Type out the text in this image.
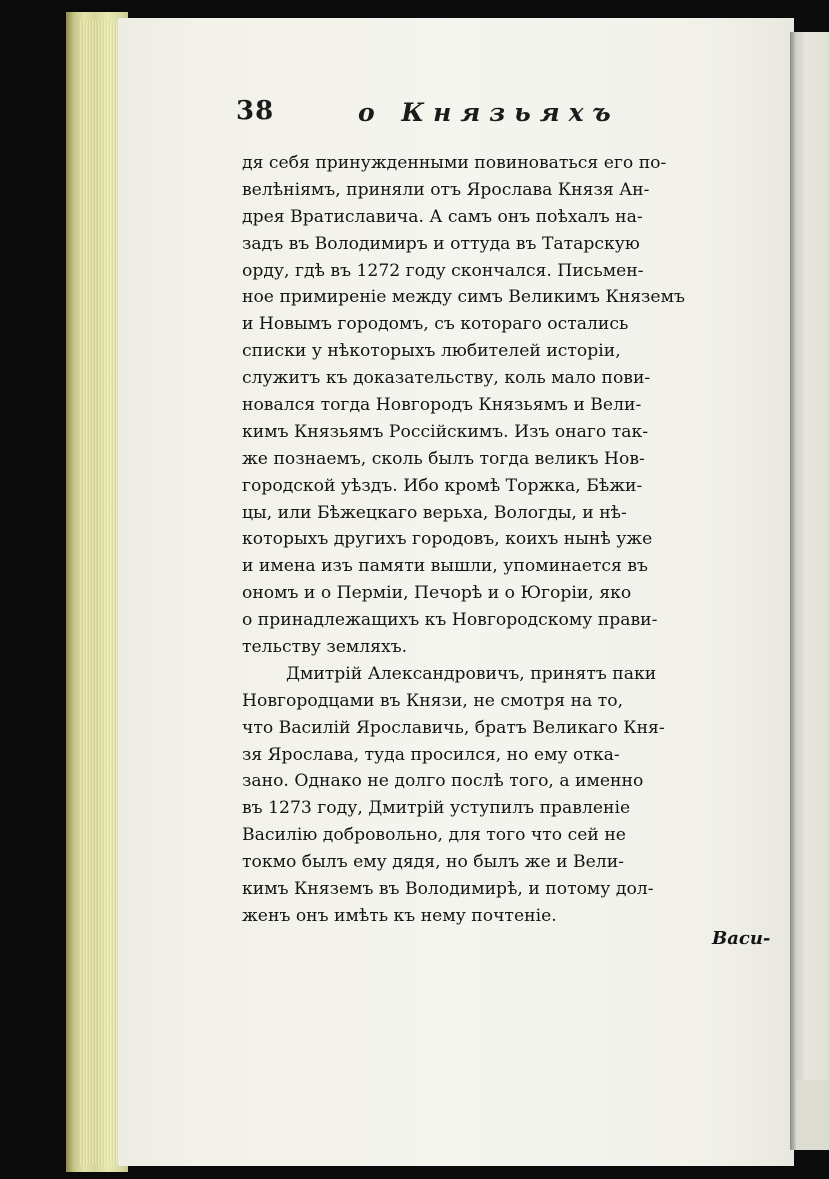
38	о Князьяхъ
дя себя принужденными повиноваться его по-
велѣніямъ, приняли отъ Ярослава Князя Ан-
дрея Вратиславича. А самъ онъ поѣхалъ на-
задъ въ Володимиръ и оттуда въ Татарскую
орду, гдѣ въ 1272 году скончался. Письмен-
ное примиреніе между симъ Великимъ Княземъ
и Новымъ городомъ, съ котораго остались
списки у нѣкоторыхъ любителей исторіи,
служитъ къ доказательству, коль мало пови-
новался тогда Новгородъ Князьямъ и Вели-
кимъ Князьямъ Россійскимъ. Изъ онаго так-
же познаемъ, сколь былъ тогда великъ Нов-
городской уѣздъ. Ибо кромѣ Торжка, Бѣжи-
цы, или Бѣжецкаго верьха, Вологды, и нѣ-
которыхъ другихъ городовъ, коихъ нынѣ уже
и имена изъ памяти вышли, упоминается въ
ономъ и о Пермiи, Печорѣ и о Югорiи, яко
о принадлежащихъ къ Новгородскому прави-
тельству земляхъ.
Дмитрій Александровичъ, принятъ паки
Новгородцами въ Князи, не смотря на то,
что Василій Ярославичь, братъ Великаго Кня-
зя Ярослава, туда просился, но ему отка-
зано. Однако не долго послѣ того, а именно
въ 1273 году, Дмитрій уступилъ правленіе
Василію добровольно, для того что сей не
токмо былъ ему дядя, но былъ же и Вели-
кимъ Княземъ въ Володимирѣ, и потому дол-
женъ онъ имѣть къ нему почтеніе.
Васи-
